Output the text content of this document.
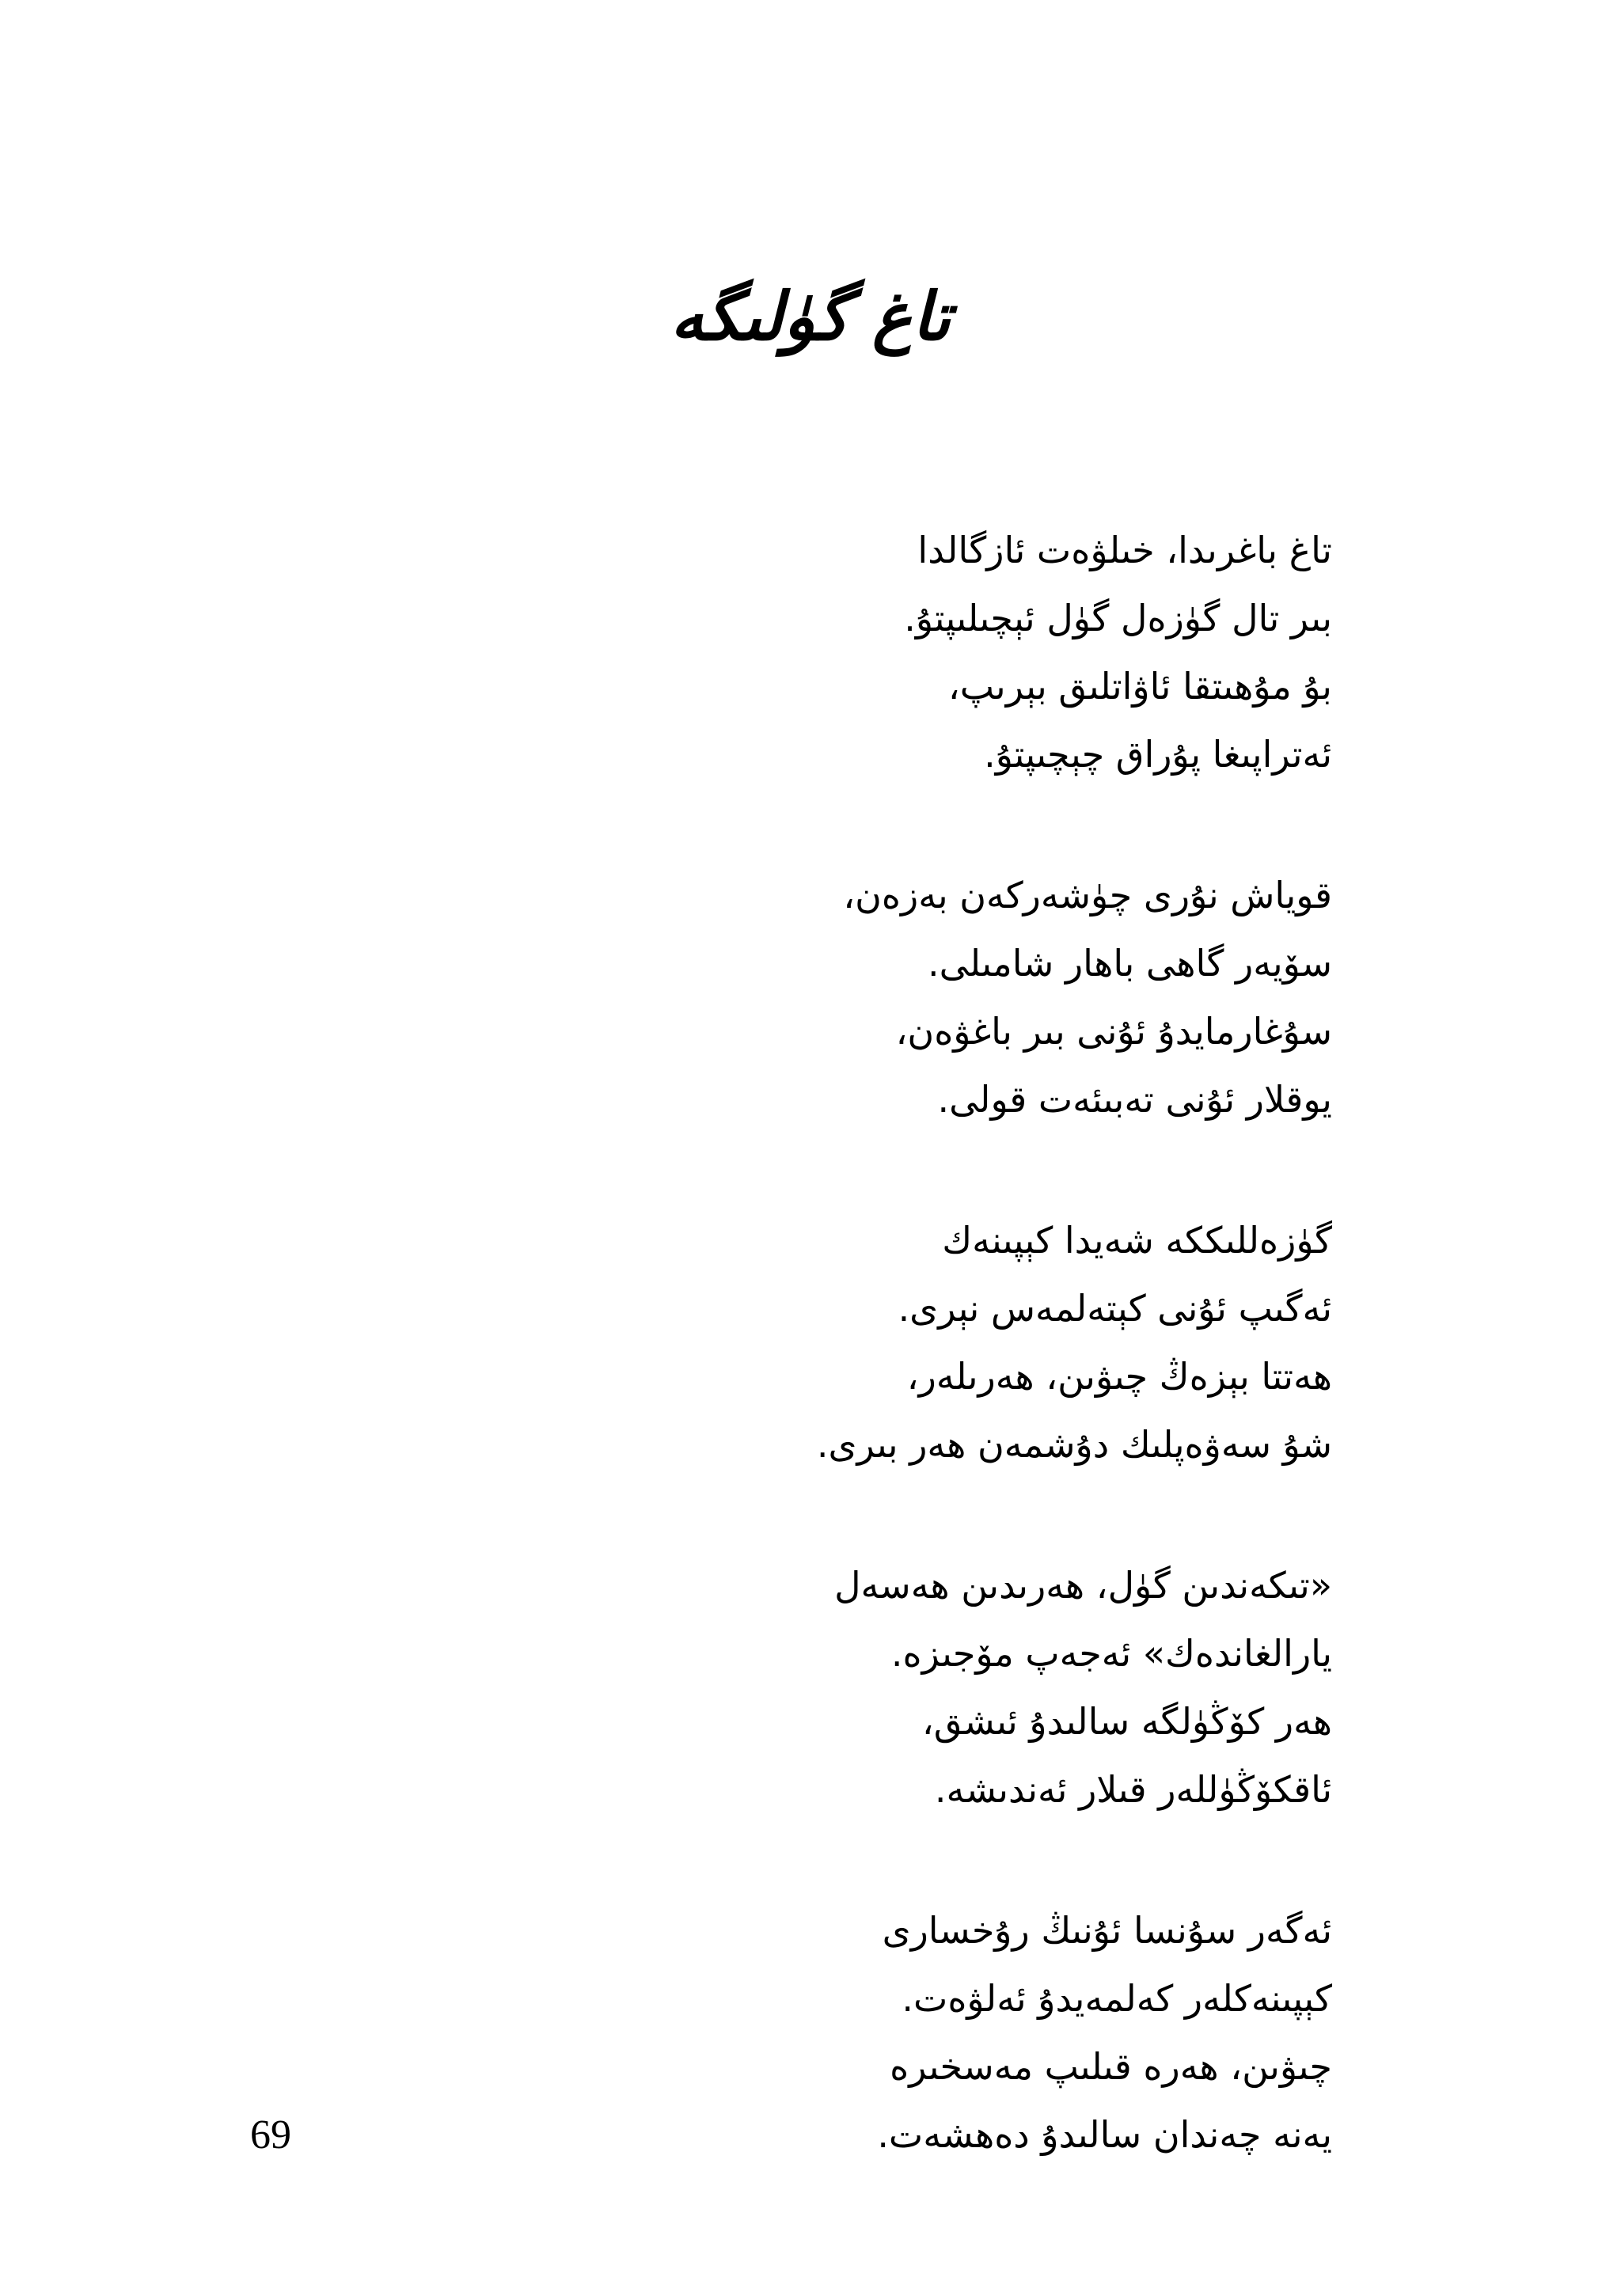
تاغ گۈلىگە
تاغ باغرىدا، خىلۋەت ئازگالدا
بىر تال گۈزەل گۈل ئېچىلىپتۇ.
بۇ مۇھىتقا ئاۋاتلىق بېرىپ،
ئەتراپىغا پۇراق چېچىپتۇ.
قوياش نۇرى چۈشەركەن بەزەن،
سۆيەر گاھى باھار شامىلى.
سۇغارمايدۇ ئۇنى بىر باغۋەن،
يوقلار ئۇنى تەبىئەت قولى.
گۈزەللىككە شەيدا كېپىنەك
ئەگىپ ئۇنى كېتەلمەس نېرى.
ھەتتا بېزەڭ چىۋىن، ھەرىلەر،
شۇ سەۋەپلىك دۇشمەن ھەر بىرى.
«تىكەندىن گۈل، ھەرىدىن ھەسەل
يارالغاندەك» ئەجەپ مۆجىزە.
ھەر كۆڭۈلگە سالىدۇ ئىشق،
ئاقكۆڭۈللەر قىلار ئەندىشە.
ئەگەر سۇنسا ئۇنىڭ رۇخسارى
كېپىنەكلەر كەلمەيدۇ ئەلۋەت.
چىۋىن، ھەرە قىلىپ مەسخىرە
يەنە چەندان سالىدۇ دەھشەت.
69
